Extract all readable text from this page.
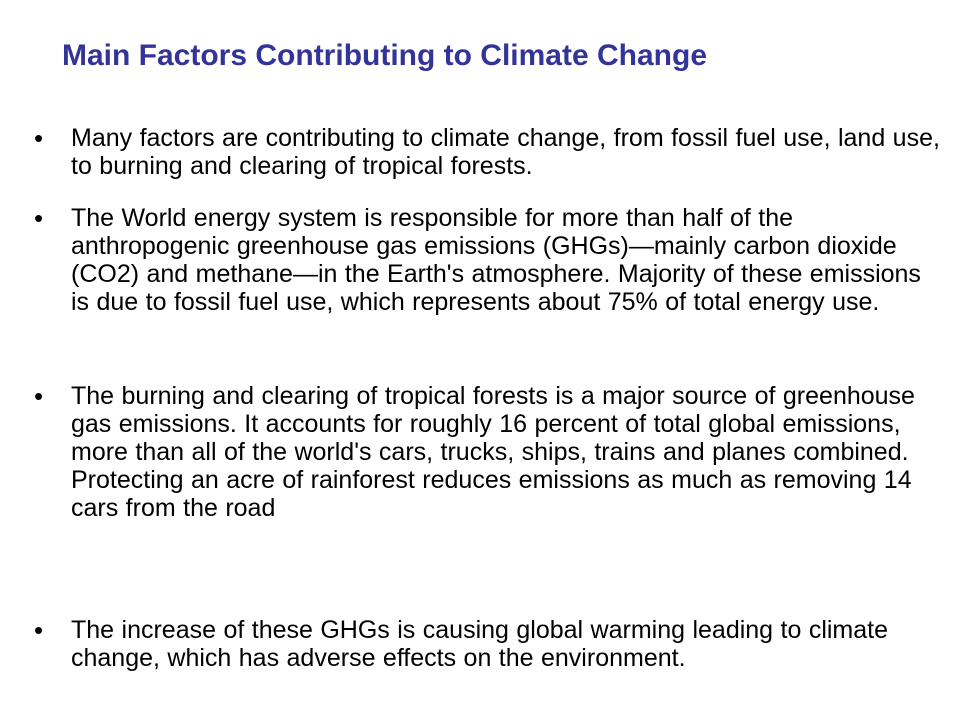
Main Factors Contributing to Climate Change
• Many factors are contributing to climate change, from fossil fuel use, land use, to burning and clearing of tropical forests.
• The World energy system is responsible for more than half of the anthropogenic greenhouse gas emissions (GHGs)—mainly carbon dioxide (CO2) and methane—in the Earth's atmosphere. Majority of these emissions is due to fossil fuel use, which represents about 75% of total energy use.
• The burning and clearing of tropical forests is a major source of greenhouse gas emissions. It accounts for roughly 16 percent of total global emissions, more than all of the world's cars, trucks, ships, trains and planes combined. Protecting an acre of rainforest reduces emissions as much as removing 14 cars from the road
• The increase of these GHGs is causing global warming leading to climate change, which has adverse effects on the environment.
